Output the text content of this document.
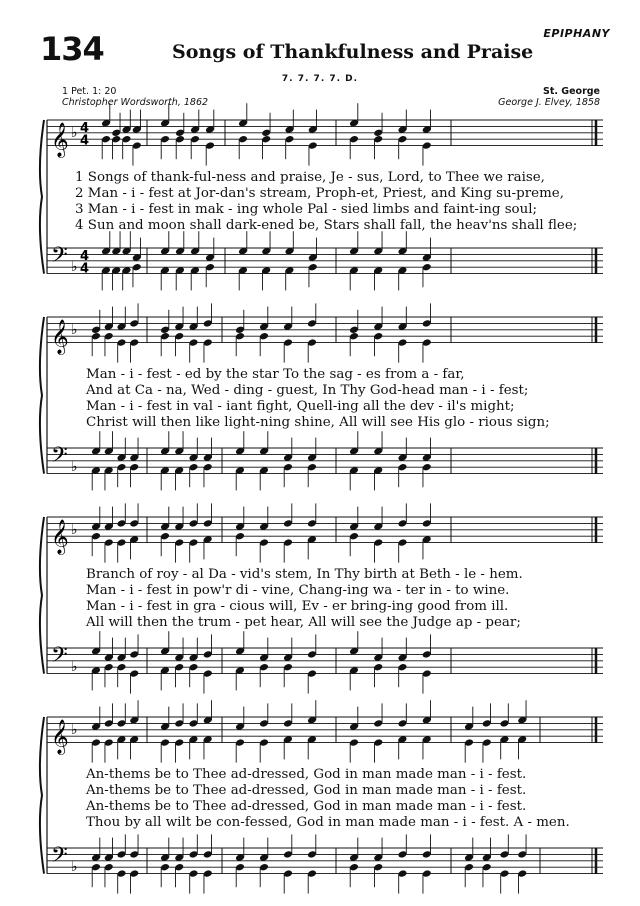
134	Songs of Thankfulness and Praise
EPIPHANY
7. 7. 7. 7. D.
1 Pet. 1: 20
Christopher Wordsworth, 1862
St. George
George J. Elvey, 1858
𝄞
𝄢
♭
♭
4
4
4
4
𝄞
𝄢
♭
♭
𝄞
𝄢
♭
♭
𝄞
𝄢
♭
♭
1 Songs of thank-ful-ness and praise, Je - sus, Lord, to Thee we raise,
2 Man - i - fest at Jor-dan's stream, Proph-et, Priest, and King su-preme,
3 Man - i - fest in mak - ing whole Pal - sied limbs and faint-ing soul;
4 Sun and moon shall dark-ened be, Stars shall fall, the heav'ns shall flee;
Man - i - fest - ed by the star To the sag - es from a - far,
And at Ca - na, Wed - ding - guest, In Thy God-head man - i - fest;
Man - i - fest in val - iant fight, Quell-ing all the dev - il's might;
Christ will then like light-ning shine, All will see His glo - rious sign;
Branch of roy - al Da - vid's stem, In Thy birth at Beth - le - hem.
Man - i - fest in pow'r di - vine, Chang-ing wa - ter in - to wine.
Man - i - fest in gra - cious will, Ev - er bring-ing good from ill.
All will then the trum - pet hear, All will see the Judge ap - pear;
An-thems be to Thee ad-dressed, God in man made man - i - fest.
An-thems be to Thee ad-dressed, God in man made man - i - fest.
An-thems be to Thee ad-dressed, God in man made man - i - fest.
Thou by all wilt be con-fessed, God in man made man - i - fest. A - men.
